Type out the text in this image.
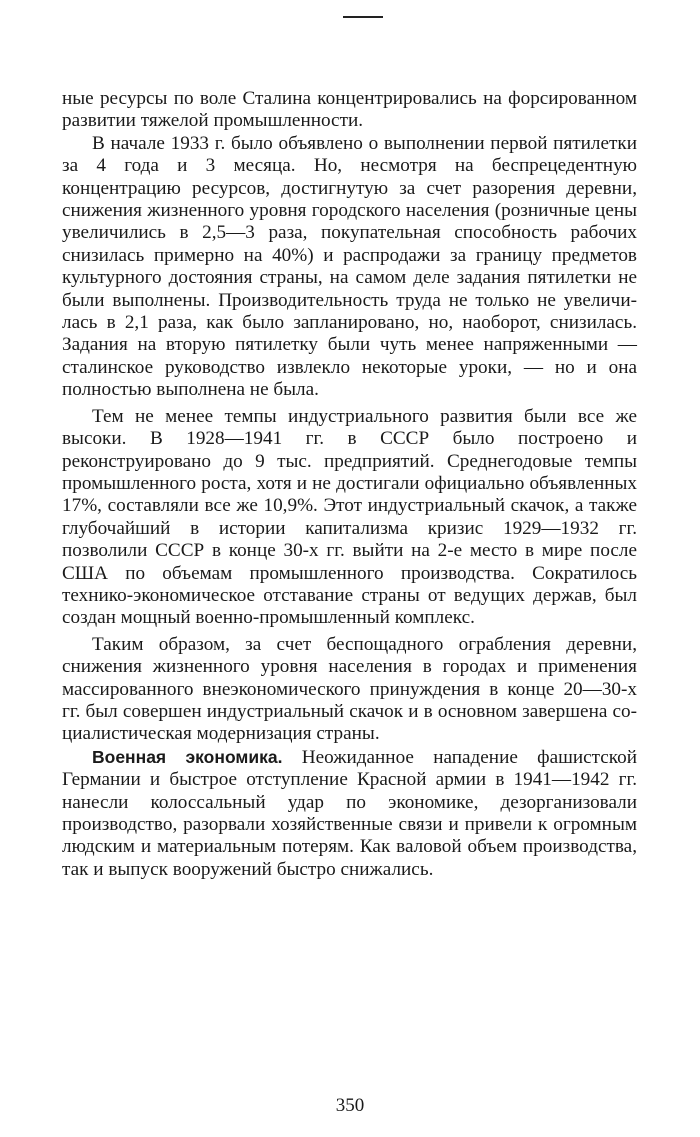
ные ресурсы по воле Сталина концентрировались на форсированном развитии тяжелой промышленности.

В начале 1933 г. было объявлено о выполнении первой пятилетки за 4 года и 3 месяца. Но, несмотря на беспрецедентную концентрацию ресурсов, достигнутую за счет разорения деревни, снижения жизненного уровня городского населения (розничные цены увеличились в 2,5—3 раза, покупательная способность рабочих снизилась примерно на 40%) и распродажи за границу предметов культурного достояния страны, на самом деле задания пятилетки не были выполнены. Производительность труда не только не увеличилась в 2,1 раза, как было запланировано, но, наоборот, снизилась. Задания на вторую пятилетку были чуть менее напряженными — сталинское руководство извлекло некоторые уроки, — но и она полностью выполнена не была.

Тем не менее темпы индустриального развития были все же высоки. В 1928—1941 гг. в СССР было построено и реконструировано до 9 тыс. предприятий. Среднегодовые темпы промышленного роста, хотя и не достигали официально объявленных 17%, составляли все же 10,9%. Этот индустриальный скачок, а также глубочайший в истории капитализма кризис 1929—1932 гг. позволили СССР в конце 30-х гг. выйти на 2-е место в мире после США по объемам промышленного производства. Сократилось технико-экономическое отставание страны от ведущих держав, был создан мощный военно-промышленный комплекс.

Таким образом, за счет беспощадного ограбления деревни, снижения жизненного уровня населения в городах и применения массированного внеэкономического принуждения в конце 20—30-х гг. был совершен индустриальный скачок и в основном завершена социалистическая модернизация страны.

Военная экономика. Неожиданное нападение фашистской Германии и быстрое отступление Красной армии в 1941—1942 гг. нанесли колоссальный удар по экономике, дезорганизовали производство, разорвали хозяйственные связи и привели к огромным людским и материальным потерям. Как валовой объем производства, так и выпуск вооружений быстро снижались.

350
